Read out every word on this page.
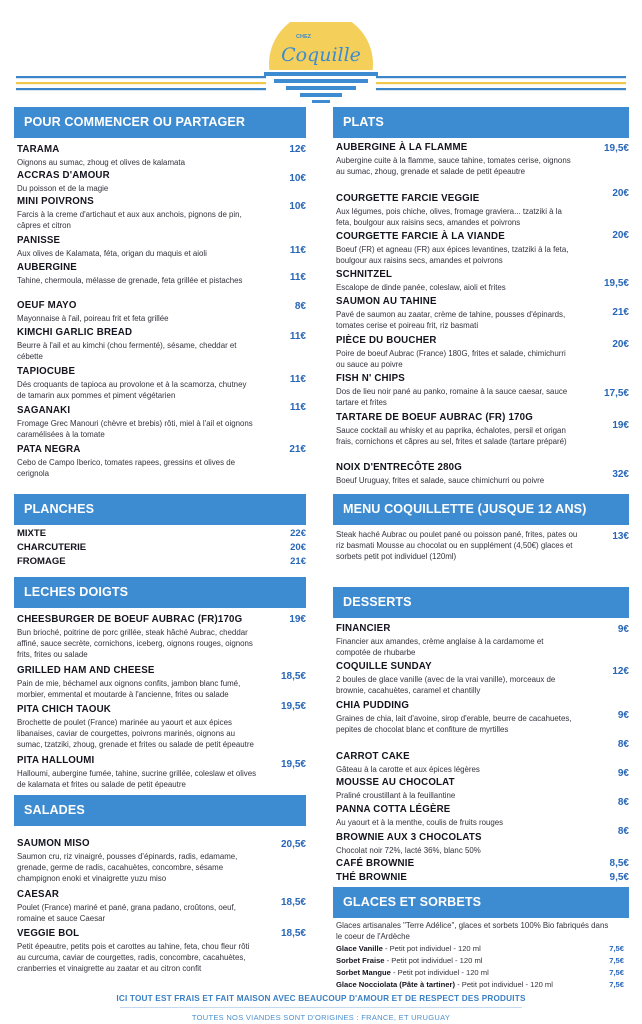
CHEZ
Coquille
POUR COMMENCER OU PARTAGER
TARAMA
Oignons au sumac, zhoug et olives de kalamata
12€
ACCRAS D'AMOUR
Du poisson et de la magie
10€
MINI POIVRONS
Farcis à la creme d'artichaut et aux aux anchois, pignons de pin, câpres et citron
10€
PANISSE
Aux olives de Kalamata, féta, origan du maquis et aioli	11€
AUBERGINE
Tahine, chermoula, mélasse de grenade, feta grillée et pistaches	11€
OEUF MAYO
Mayonnaise à l'ail, poireau frit et feta grillée
8€
KIMCHI GARLIC BREAD
Beurre à l'ail et au kimchi (chou fermenté), sésame, cheddar et cébette
11€
TAPIOCUBE
Dés croquants de tapioca au provolone et à la scamorza, chutney de tamarin aux pommes et piment végétarien
11€
SAGANAKI
Fromage Grec Manouri (chèvre et brebis) rôti, miel à l'ail et oignons caramélisées à la tomate
11€
PATA NEGRA
Cebo de Campo Iberico, tomates rapees, gressins et olives de cerignola
21€
PLANCHES
MIXTE	22€
CHARCUTERIE	20€
FROMAGE	21€
LECHES DOIGTS
CHEESBURGER DE BOEUF AUBRAC (FR)170G
Bun brioché, poitrine de porc grillée, steak hâché Aubrac, cheddar affiné, sauce secrète, cornichons, iceberg, oignons rouges, oignons frits, frites ou salade
19€
GRILLED HAM AND CHEESE
Pain de mie, béchamel aux oignons confits, jambon blanc fumé, morbier, emmental et moutarde à l'ancienne, frites ou salade
18,5€
PITA CHICH TAOUK
Brochette de poulet (France) marinée au yaourt et aux épices libanaises, caviar de courgettes, poivrons marinés, oignons au sumac, tzatziki, zhoug, grenade et frites ou salade de petit épeautre
19,5€
PITA HALLOUMI
Halloumi, aubergine fumée, tahine, sucrine grillée, coleslaw et olives de kalamata et frites ou salade de petit épeautre
19,5€
SALADES
SAUMON MISO
Saumon cru, riz vinaigré, pousses d'épinards, radis, edamame, grenade, germe de radis, cacahuètes, concombre, sésame champignon enoki et vinaigrette yuzu miso
20,5€
CAESAR
Poulet (France) mariné et pané, grana padano, croûtons, oeuf, romaine et sauce Caesar
18,5€
VEGGIE BOL
Petit épeautre, petits pois et carottes au tahine, feta, chou fleur rôti au curcuma, caviar de courgettes, radis, concombre, cacahuètes, cranberries et vinaigrette au zaatar et au citron confit
18,5€
PLATS
AUBERGINE À LA FLAMME
Aubergine cuite à la flamme, sauce tahine, tomates cerise, oignons au sumac, zhoug, grenade et salade de petit épeautre
19,5€
COURGETTE FARCIE VEGGIE
Aux légumes, pois chiche, olives, fromage graviera... tzatziki à la feta, boulgour aux raisins secs, amandes et poivrons
20€
COURGETTE FARCIE À LA VIANDE
Boeuf (FR) et agneau (FR) aux épices levantines, tzatziki à la feta, boulgour aux raisins secs, amandes et poivrons
20€
SCHNITZEL
Escalope de dinde panée, coleslaw, aioli et frites	19,5€
SAUMON AU TAHINE
Pavé de saumon au zaatar, crème de tahine, pousses d'épinards, tomates cerise et poireau frit, riz basmati
21€
PIÈCE DU BOUCHER
Poire de boeuf Aubrac (France) 180G, frites et salade, chimichurri ou sauce au poivre
20€
FISH N' CHIPS
Dos de lieu noir pané au panko, romaine à la sauce caesar, sauce tartare et frites
17,5€
TARTARE DE BOEUF AUBRAC (FR) 170G
Sauce cocktail au whisky et au paprika, échalotes, persil et origan frais, cornichons et câpres au sel, frites et salade (tartare préparé)
19€
NOIX D'ENTRECÔTE 280G
Boeuf Uruguay, frites et salade, sauce chimichurri ou poivre
32€
MENU COQUILLETTE (JUSQUE 12 ANS)
Steak haché Aubrac ou poulet pané ou poisson pané, frites, pates ou riz basmati Mousse au chocolat ou en supplément (4,50€) glaces et sorbets petit pot individuel (120ml)
13€
DESSERTS
FINANCIER
Financier aux amandes, crème anglaise à la cardamome et compotée de rhubarbe
9€
COQUILLE SUNDAY
2 boules de glace vanille (avec de la vrai vanille), morceaux de brownie, cacahuètes, caramel et chantilly
12€
CHIA PUDDING
Graines de chia, lait d'avoine, sirop d'erable, beurre de cacahuetes, pepites de chocolat blanc et confiture de myrtilles
9€
CARROT CAKE
Gâteau à la carotte et aux épices légères
8€
MOUSSE AU CHOCOLAT
Praliné croustillant à la feuillantine
9€
PANNA COTTA LÉGÈRE
Au yaourt et à la menthe, coulis de fruits rouges
8€
BROWNIE AUX 3 CHOCOLATS
Chocolat noir 72%, lacté 36%, blanc 50%
8€
CAFÉ BROWNIE	8,5€
THÉ BROWNIE	9,5€
GLACES ET SORBETS
Glaces artisanales "Terre Adélice", glaces et sorbets 100% Bio fabriqués dans le coeur de l'Ardèche
Glace Vanille - Petit pot individuel - 120 ml	7,5€
Sorbet Fraise - Petit pot individuel - 120 ml	7,5€
Sorbet Mangue - Petit pot individuel - 120 ml	7,5€
Glace Nocciolata (Pâte à tartiner) - Petit pot individuel - 120 ml	7,5€
ICI TOUT EST FRAIS ET FAIT MAISON AVEC BEAUCOUP D'AMOUR ET DE RESPECT DES PRODUITS
TOUTES NOS VIANDES SONT D'ORIGINES : FRANCE, ET URUGUAY
